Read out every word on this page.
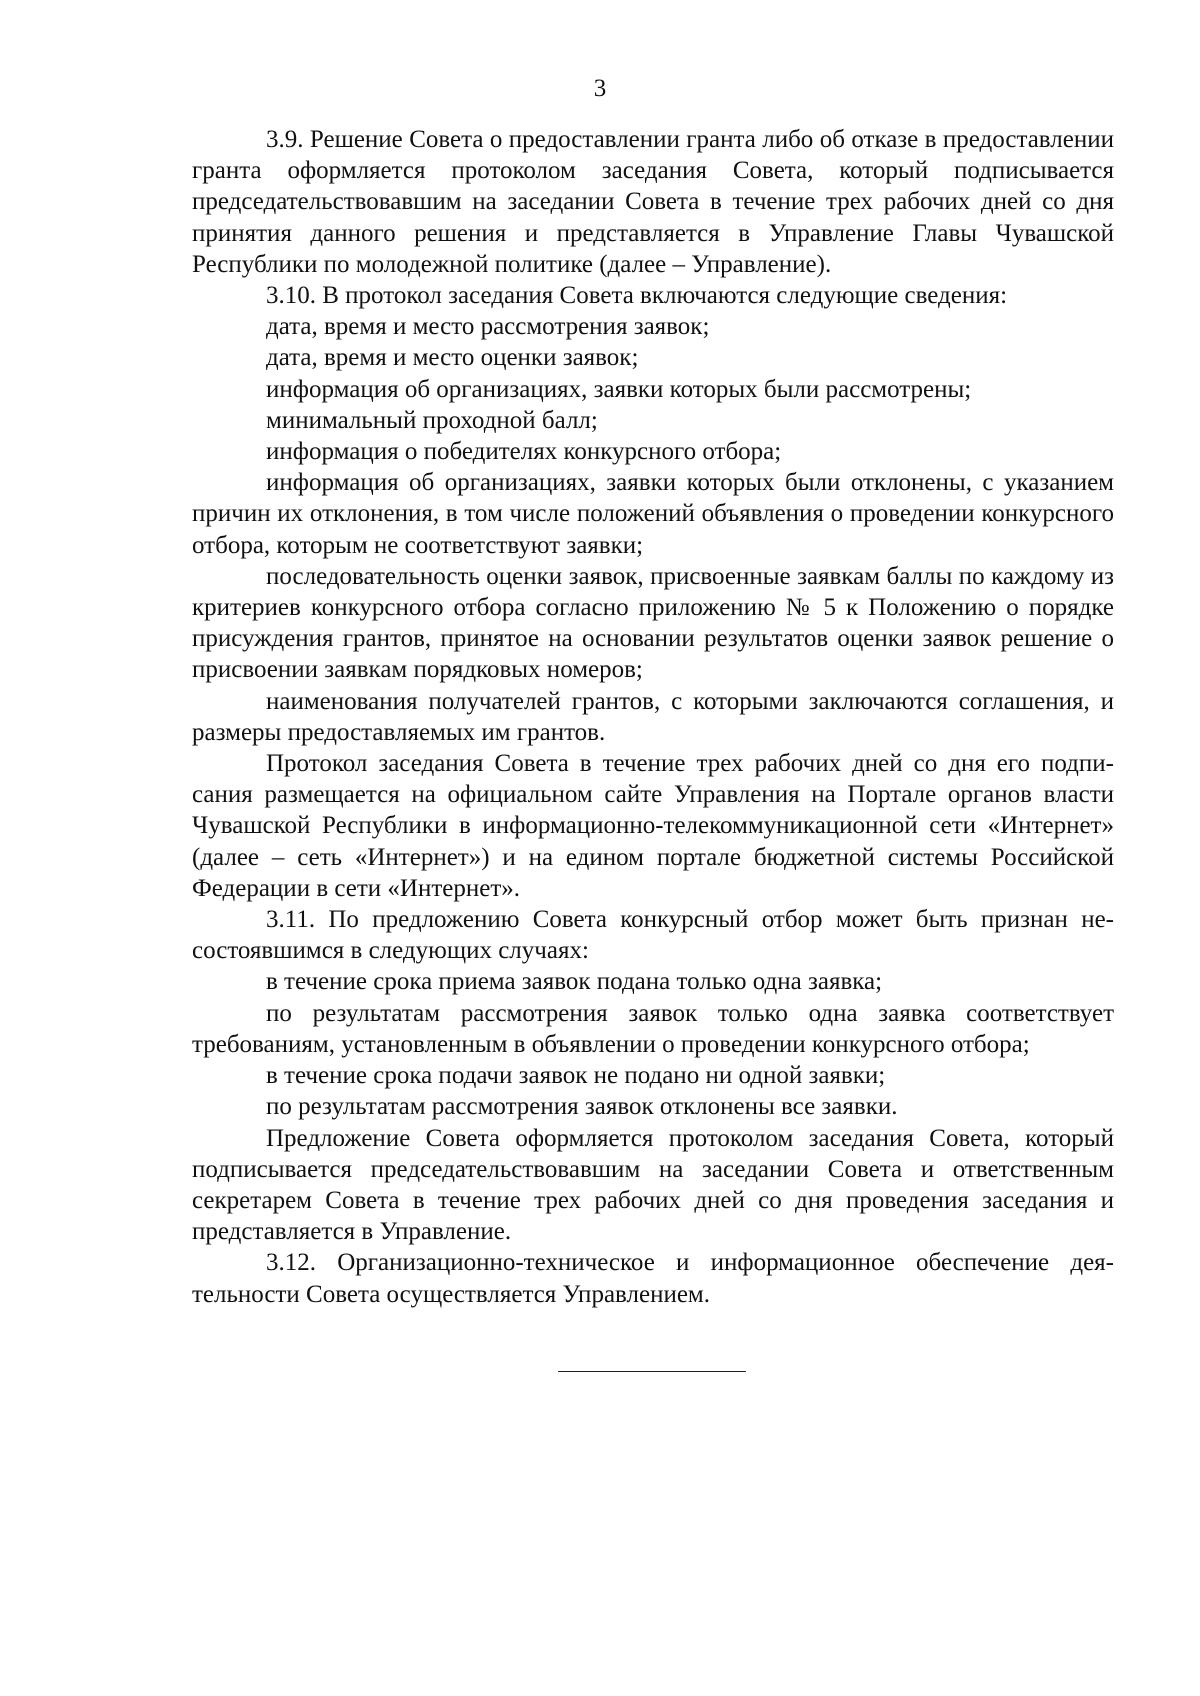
3

3.9. Решение Совета о предоставлении гранта либо об отказе в предоставлении гранта оформляется протоколом заседания Совета, который подписывается председательствовавшим на заседании Совета в течение трех рабочих дней со дня принятия данного решения и представляется в Управление Главы Чувашской Республики по молодежной политике (далее – Управление).

3.10. В протокол заседания Совета включаются следующие сведения:

дата, время и место рассмотрения заявок;

дата, время и место оценки заявок;

информация об организациях, заявки которых были рассмотрены;

минимальный проходной балл;

информация о победителях конкурсного отбора;

информация об организациях, заявки которых были отклонены, с указанием причин их отклонения, в том числе положений объявления о проведении конкурсного отбора, которым не соответствуют заявки;

последовательность оценки заявок, присвоенные заявкам баллы по каждому из критериев конкурсного отбора согласно приложению № 5 к Положению о порядке присуждения грантов, принятое на основании результатов оценки заявок решение о присвоении заявкам порядковых номеров;

наименования получателей грантов, с которыми заключаются соглашения, и размеры предоставляемых им грантов.

Протокол заседания Совета в течение трех рабочих дней со дня его подписания размещается на официальном сайте Управления на Портале органов власти Чувашской Республики в информационно-телекоммуникационной сети «Интернет» (далее – сеть «Интернет») и на едином портале бюджетной системы Российской Федерации в сети «Интернет».

3.11. По предложению Совета конкурсный отбор может быть признан несостоявшимся в следующих случаях:

в течение срока приема заявок подана только одна заявка;

по результатам рассмотрения заявок только одна заявка соответствует требованиям, установленным в объявлении о проведении конкурсного отбора;

в течение срока подачи заявок не подано ни одной заявки;

по результатам рассмотрения заявок отклонены все заявки.

Предложение Совета оформляется протоколом заседания Совета, который подписывается председательствовавшим на заседании Совета и ответственным секретарем Совета в течение трех рабочих дней со дня проведения заседания и представляется в Управление.

3.12. Организационно-техническое и информационное обеспечение деятельности Совета осуществляется Управлением.
